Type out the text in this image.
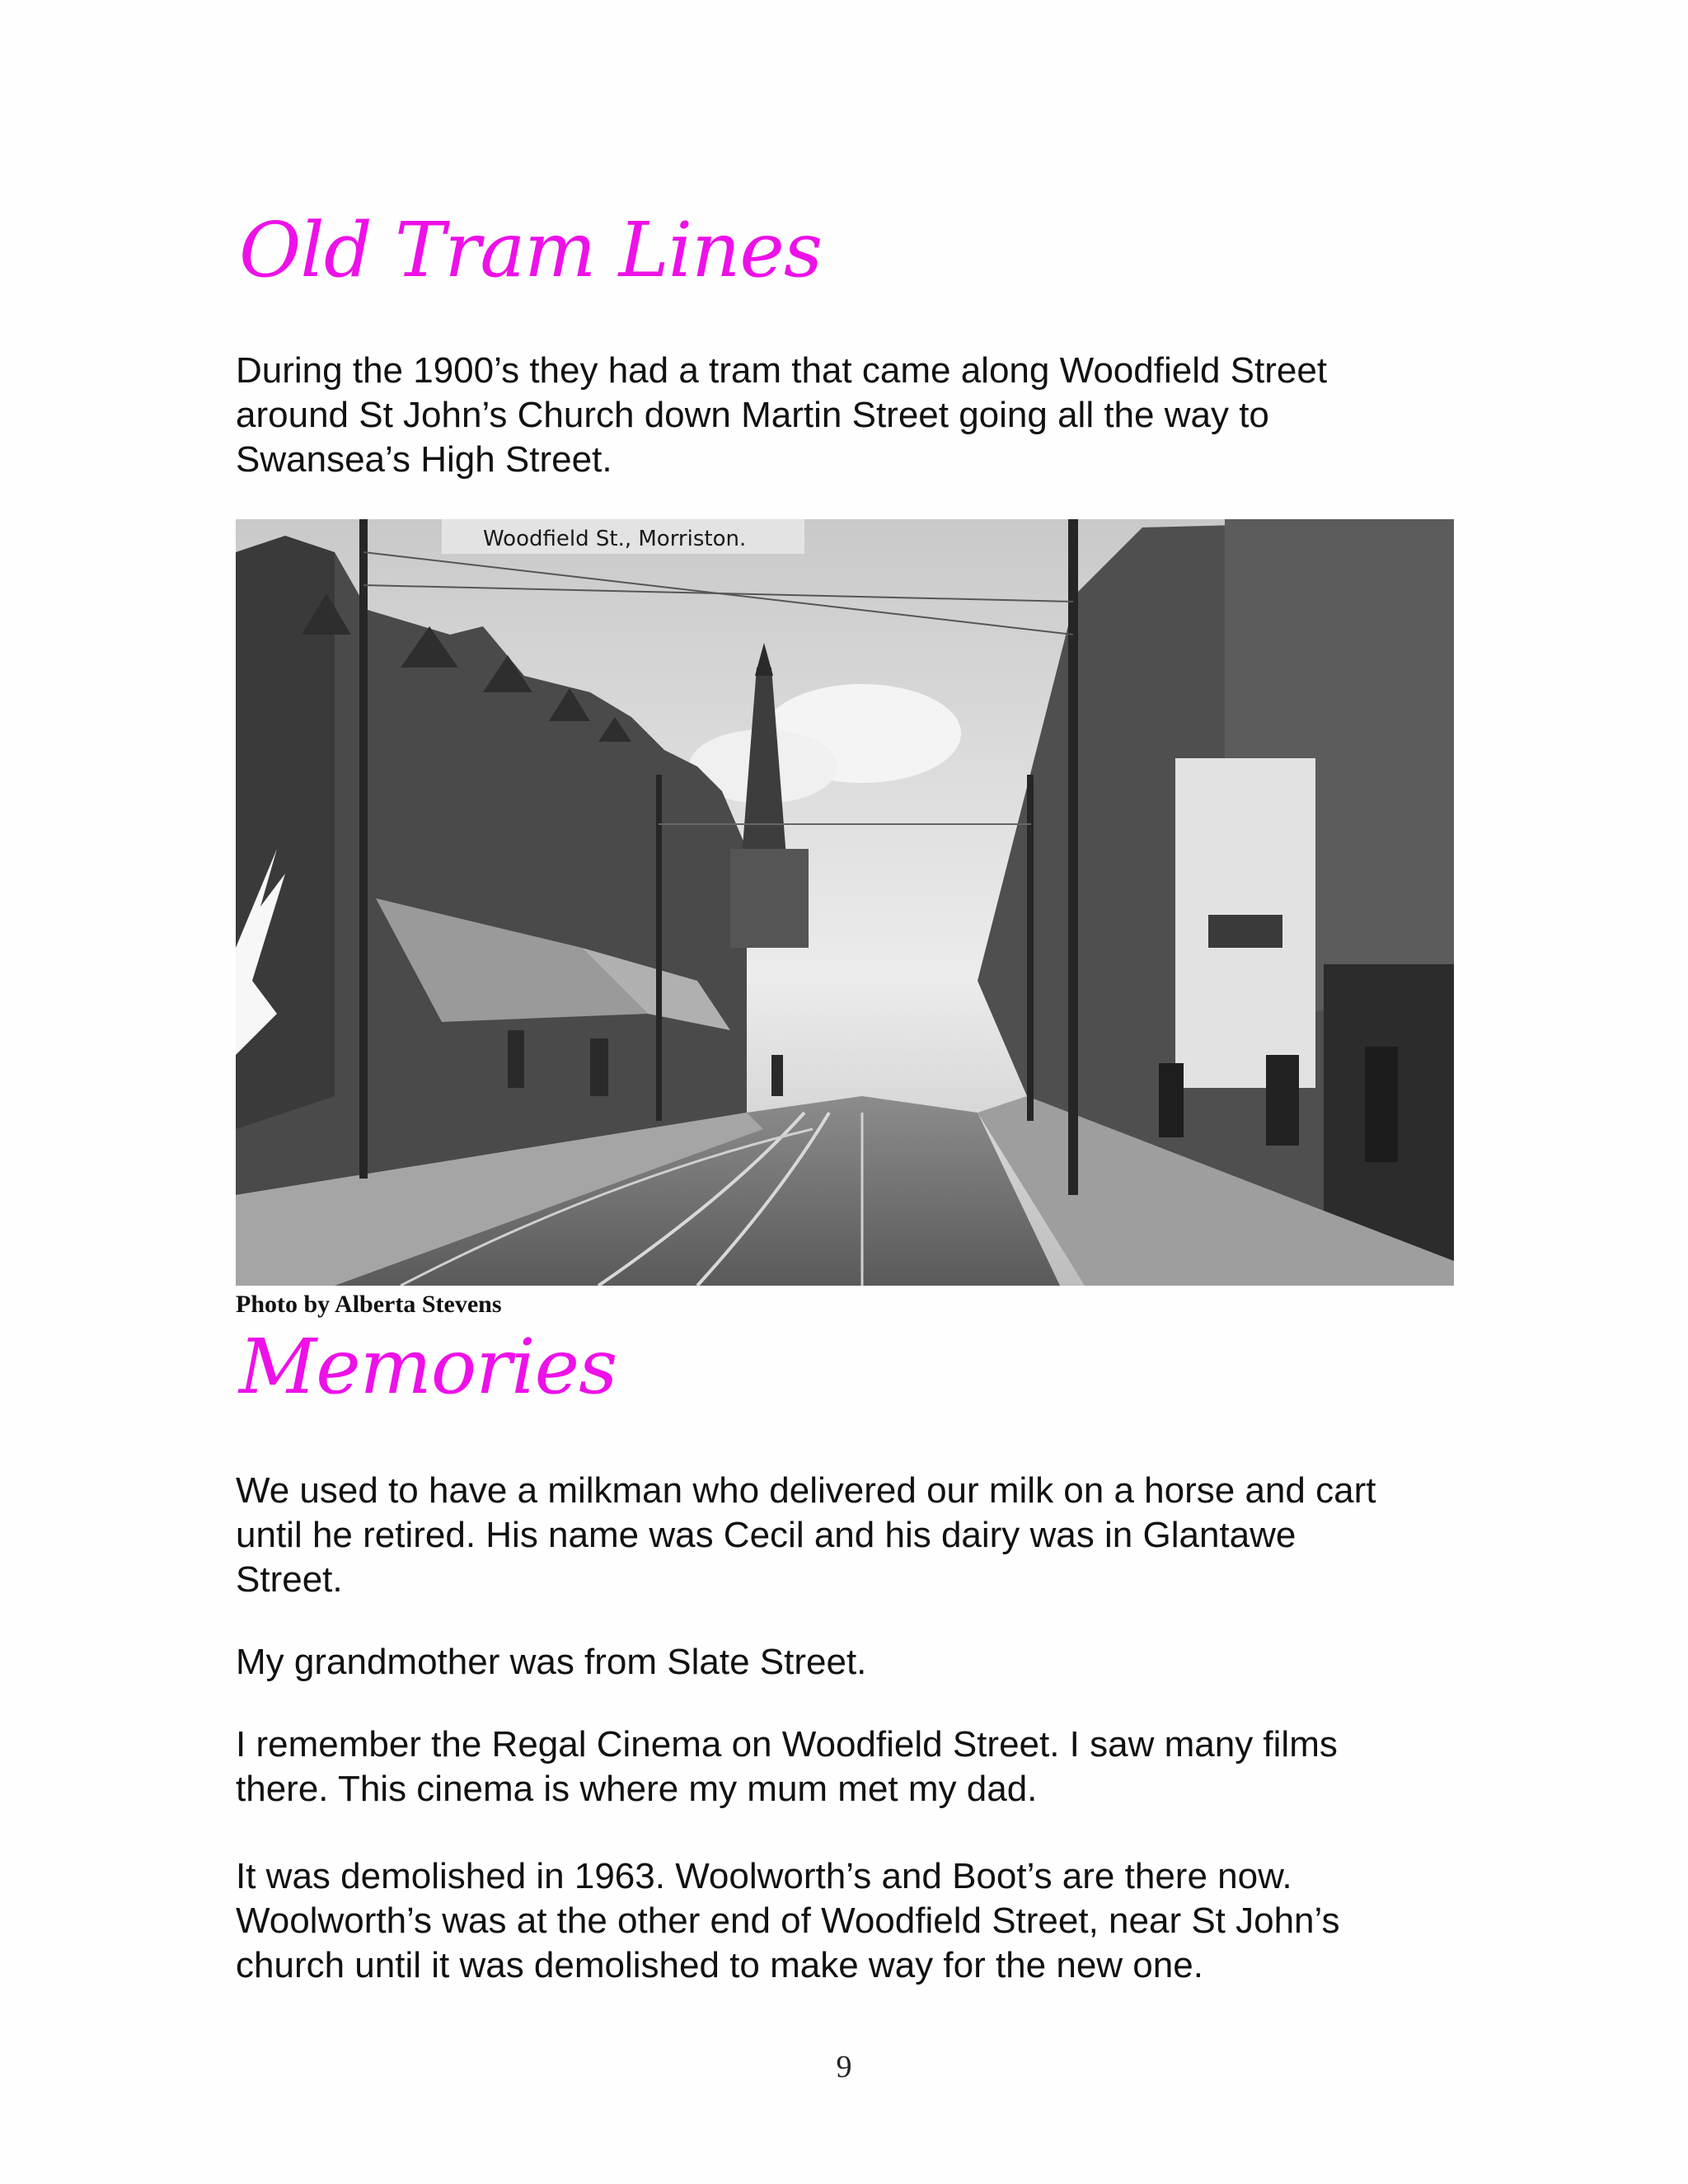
Old Tram Lines
During the 1900’s they had a tram that came along Woodfield Street
around St John’s Church down Martin Street going all the way to
Swansea’s High Street.
Woodfield St., Morriston.
Photo by Alberta Stevens
Memories
We used to have a milkman who delivered our milk on a horse and cart
until he retired. His name was Cecil and his dairy was in Glantawe
Street.
My grandmother was from Slate Street.
I remember the Regal Cinema on Woodfield Street. I saw many films
there. This cinema is where my mum met my dad.
It was demolished in 1963. Woolworth’s and Boot’s are there now.
Woolworth’s was at the other end of Woodfield Street, near St John’s
church until it was demolished to make way for the new one.
9
